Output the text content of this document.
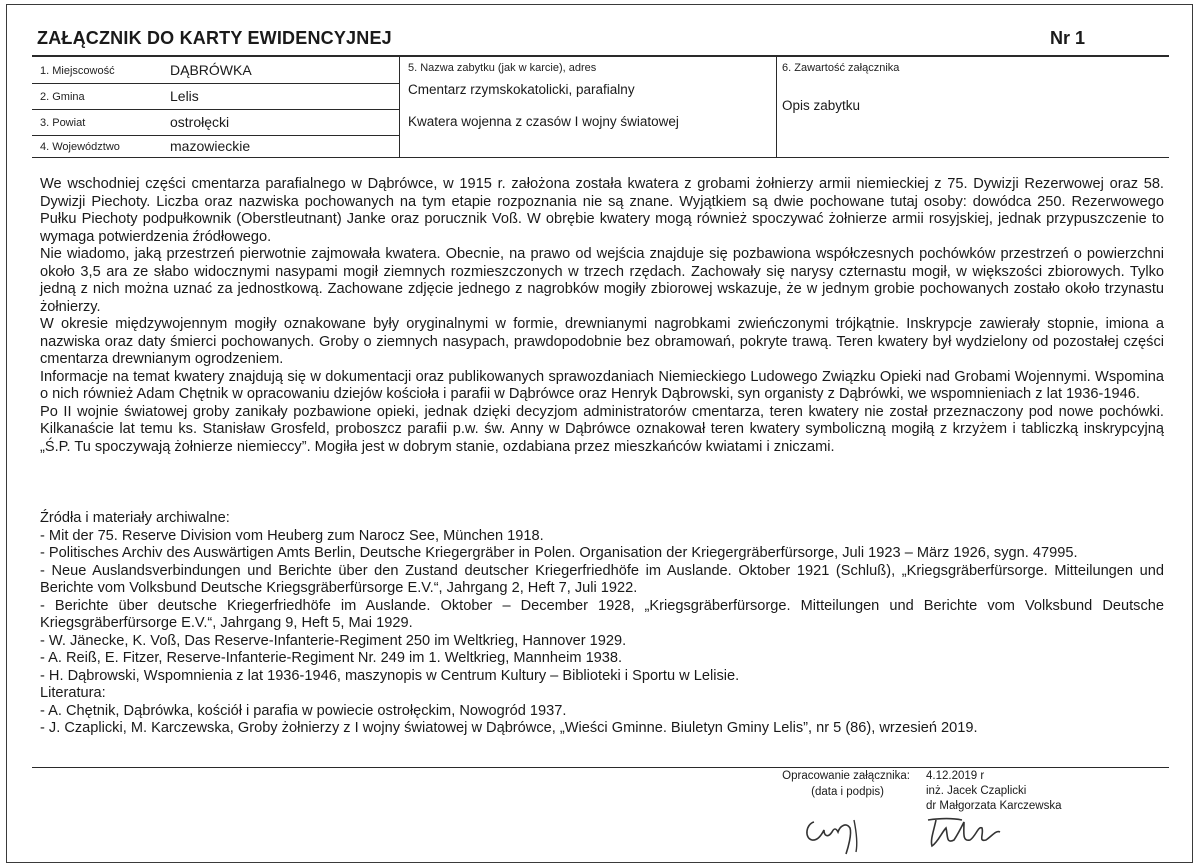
ZAŁĄCZNIK DO KARTY EWIDENCYJNEJ	Nr 1
1. Miejscowość	DĄBRÓWKA
2. Gmina	Lelis
3. Powiat	ostrołęcki
4. Województwo	mazowieckie
5. Nazwa zabytku (jak w karcie), adres
Cmentarz rzymskokatolicki, parafialny
Kwatera wojenna z czasów I wojny światowej
6. Zawartość załącznika
Opis zabytku

We wschodniej części cmentarza parafialnego w Dąbrówce, w 1915 r. założona została kwatera z grobami żołnierzy armii niemieckiej z 75. Dywizji Rezerwowej oraz 58. Dywizji Piechoty. Liczba oraz nazwiska pochowanych na tym etapie rozpoznania nie są znane. Wyjątkiem są dwie pochowane tutaj osoby: dowódca 250. Rezerwowego Pułku Piechoty podpułkownik (Oberstleutnant) Janke oraz porucznik Voß. W obrębie kwatery mogą również spoczywać żołnierze armii rosyjskiej, jednak przypuszczenie to wymaga potwierdzenia źródłowego.

Nie wiadomo, jaką przestrzeń pierwotnie zajmowała kwatera. Obecnie, na prawo od wejścia znajduje się pozbawiona współczesnych pochówków przestrzeń o powierzchni około 3,5 ara ze słabo widocznymi nasypami mogił ziemnych rozmieszczonych w trzech rzędach. Zachowały się narysy czternastu mogił, w większości zbiorowych. Tylko jedną z nich można uznać za jednostkową. Zachowane zdjęcie jednego z nagrobków mogiły zbiorowej wskazuje, że w jednym grobie pochowanych zostało około trzynastu żołnierzy.

W okresie międzywojennym mogiły oznakowane były oryginalnymi w formie, drewnianymi nagrobkami zwieńczonymi trójkątnie. Inskrypcje zawierały stopnie, imiona a nazwiska oraz daty śmierci pochowanych. Groby o ziemnych nasypach, prawdopodobnie bez obramowań, pokryte trawą. Teren kwatery był wydzielony od pozostałej części cmentarza drewnianym ogrodzeniem.

Informacje na temat kwatery znajdują się w dokumentacji oraz publikowanych sprawozdaniach Niemieckiego Ludowego Związku Opieki nad Grobami Wojennymi. Wspomina o nich również Adam Chętnik w opracowaniu dziejów kościoła i parafii w Dąbrówce oraz Henryk Dąbrowski, syn organisty z Dąbrówki, we wspomnieniach z lat 1936-1946.

Po II wojnie światowej groby zanikały pozbawione opieki, jednak dzięki decyzjom administratorów cmentarza, teren kwatery nie został przeznaczony pod nowe pochówki. Kilkanaście lat temu ks. Stanisław Grosfeld, proboszcz parafii p.w. św. Anny w Dąbrówce oznakował teren kwatery symboliczną mogiłą z krzyżem i tabliczką inskrypcyjną „Ś.P. Tu spoczywają żołnierze niemieccy”. Mogiła jest w dobrym stanie, ozdabiana przez mieszkańców kwiatami i zniczami.

Źródła i materiały archiwalne:
- Mit der 75. Reserve Division vom Heuberg zum Narocz See, München 1918.
- Politisches Archiv des Auswärtigen Amts Berlin, Deutsche Kriegergräber in Polen. Organisation der Kriegergräberfürsorge, Juli 1923 – März 1926, sygn. 47995.
- Neue Auslandsverbindungen und Berichte über den Zustand deutscher Kriegerfriedhöfe im Auslande. Oktober 1921 (Schluß), „Kriegsgräberfürsorge. Mitteilungen und Berichte vom Volksbund Deutsche Kriegsgräberfürsorge E.V.“, Jahrgang 2, Heft 7, Juli 1922.
- Berichte über deutsche Kriegerfriedhöfe im Auslande. Oktober – December 1928, „Kriegsgräberfürsorge. Mitteilungen und Berichte vom Volksbund Deutsche Kriegsgräberfürsorge E.V.“, Jahrgang 9, Heft 5, Mai 1929.
- W. Jänecke, K. Voß, Das Reserve-Infanterie-Regiment 250 im Weltkrieg, Hannover 1929.
- A. Reiß, E. Fitzer, Reserve-Infanterie-Regiment Nr. 249 im 1. Weltkrieg, Mannheim 1938.
- H. Dąbrowski, Wspomnienia z lat 1936-1946, maszynopis w Centrum Kultury – Biblioteki i Sportu w Lelisie.
Literatura:
- A. Chętnik, Dąbrówka, kościół i parafia w powiecie ostrołęckim, Nowogród 1937.
- J. Czaplicki, M. Karczewska, Groby żołnierzy z I wojny światowej w Dąbrówce, „Wieści Gminne. Biuletyn Gminy Lelis”, nr 5 (86), wrzesień 2019.
Opracowanie załącznika:
(data i podpis)
4.12.2019 r
inż. Jacek Czaplicki
dr Małgorzata Karczewska
